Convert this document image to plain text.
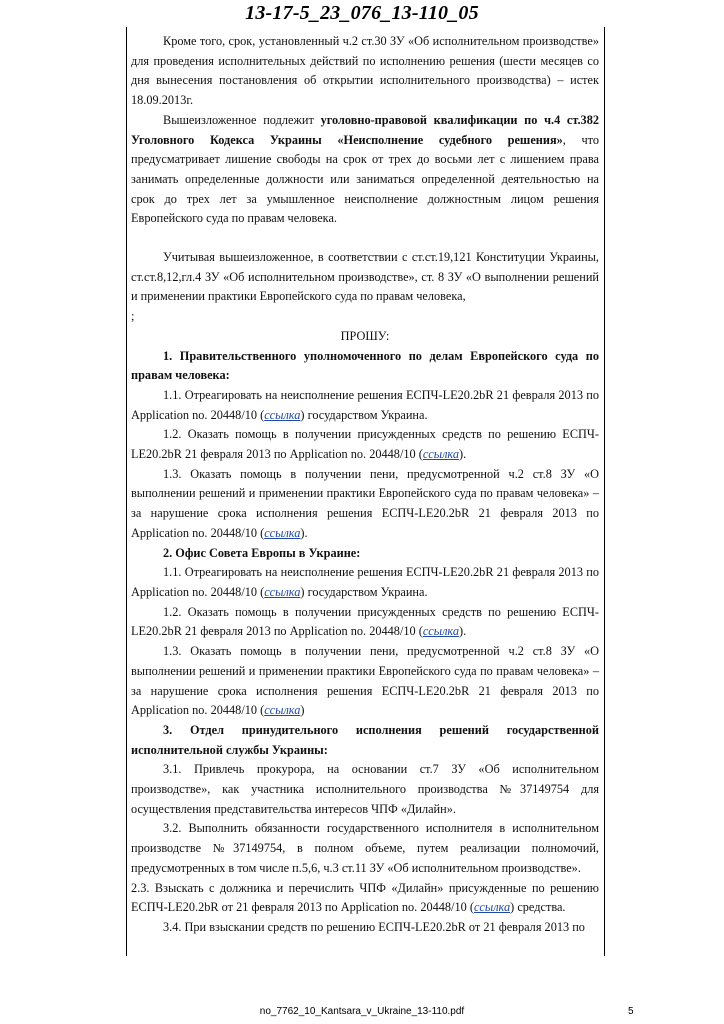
13-17-5_23_076_13-110_05

Кроме того, срок, установленный ч.2 ст.30 ЗУ «Об исполнительном производстве» для проведения исполнительных действий по исполнению решения (шести месяцев со дня вынесения постановления об открытии исполнительного производства) – истек 18.09.2013г.

Вышеизложенное подлежит уголовно-правовой квалификации по ч.4 ст.382 Уголовного Кодекса Украины «Неисполнение судебного решения», что предусматривает лишение свободы на срок от трех до восьми лет с лишением права занимать определенные должности или заниматься определенной деятельностью на срок до трех лет за умышленное неисполнение должностным лицом решения Европейского суда по правам человека.

Учитывая вышеизложенное, в соответствии с ст.ст.19,121 Конституции Украины, ст.ст.8,12,гл.4 ЗУ «Об исполнительном производстве», ст. 8 ЗУ «О выполнении решений и применении практики Европейского суда по правам человека,

;

ПРОШУ:

1. Правительственного уполномоченного по делам Европейского суда по правам человека:

1.1. Отреагировать на неисполнение решения ЕСПЧ-LE20.2bR 21 февраля 2013 по Application no. 20448/10 (ссылка) государством Украина.

1.2. Оказать помощь в получении присужденных средств по решению ЕСПЧ-LE20.2bR 21 февраля 2013 по Application no. 20448/10 (ссылка).

1.3. Оказать помощь в получении пени, предусмотренной ч.2 ст.8 ЗУ «О выполнении решений и применении практики Европейского суда по правам человека» – за нарушение срока исполнения решения ЕСПЧ-LE20.2bR 21 февраля 2013 по Application no. 20448/10 (ссылка).

2. Офис Совета Европы в Украине:

1.1. Отреагировать на неисполнение решения ЕСПЧ-LE20.2bR 21 февраля 2013 по Application no. 20448/10 (ссылка) государством Украина.

1.2. Оказать помощь в получении присужденных средств по решению ЕСПЧ-LE20.2bR 21 февраля 2013 по Application no. 20448/10 (ссылка).

1.3. Оказать помощь в получении пени, предусмотренной ч.2 ст.8 ЗУ «О выполнении решений и применении практики Европейского суда по правам человека» – за нарушение срока исполнения решения ЕСПЧ-LE20.2bR 21 февраля 2013 по Application no. 20448/10 (ссылка)

3. Отдел принудительного исполнения решений государственной исполнительной службы Украины:

3.1. Привлечь прокурора, на основании ст.7 ЗУ «Об исполнительном производстве», как участника исполнительного производства №37149754 для осуществления представительства интересов ЧПФ «Дилайн».

3.2. Выполнить обязанности государственного исполнителя в исполнительном производстве №37149754, в полном объеме, путем реализации полномочий, предусмотренных в том числе п.5,6, ч.3 ст.11 ЗУ «Об исполнительном производстве».

2.3. Взыскать с должника и перечислить ЧПФ «Дилайн» присужденные по решению ЕСПЧ-LE20.2bR от 21 февраля 2013 по Application no. 20448/10 (ссылка) средства.

3.4. При взыскании средств по решению ЕСПЧ-LE20.2bR от 21 февраля 2013 по

no_7762_10_Kantsara_v_Ukraine_13-110.pdf	5
